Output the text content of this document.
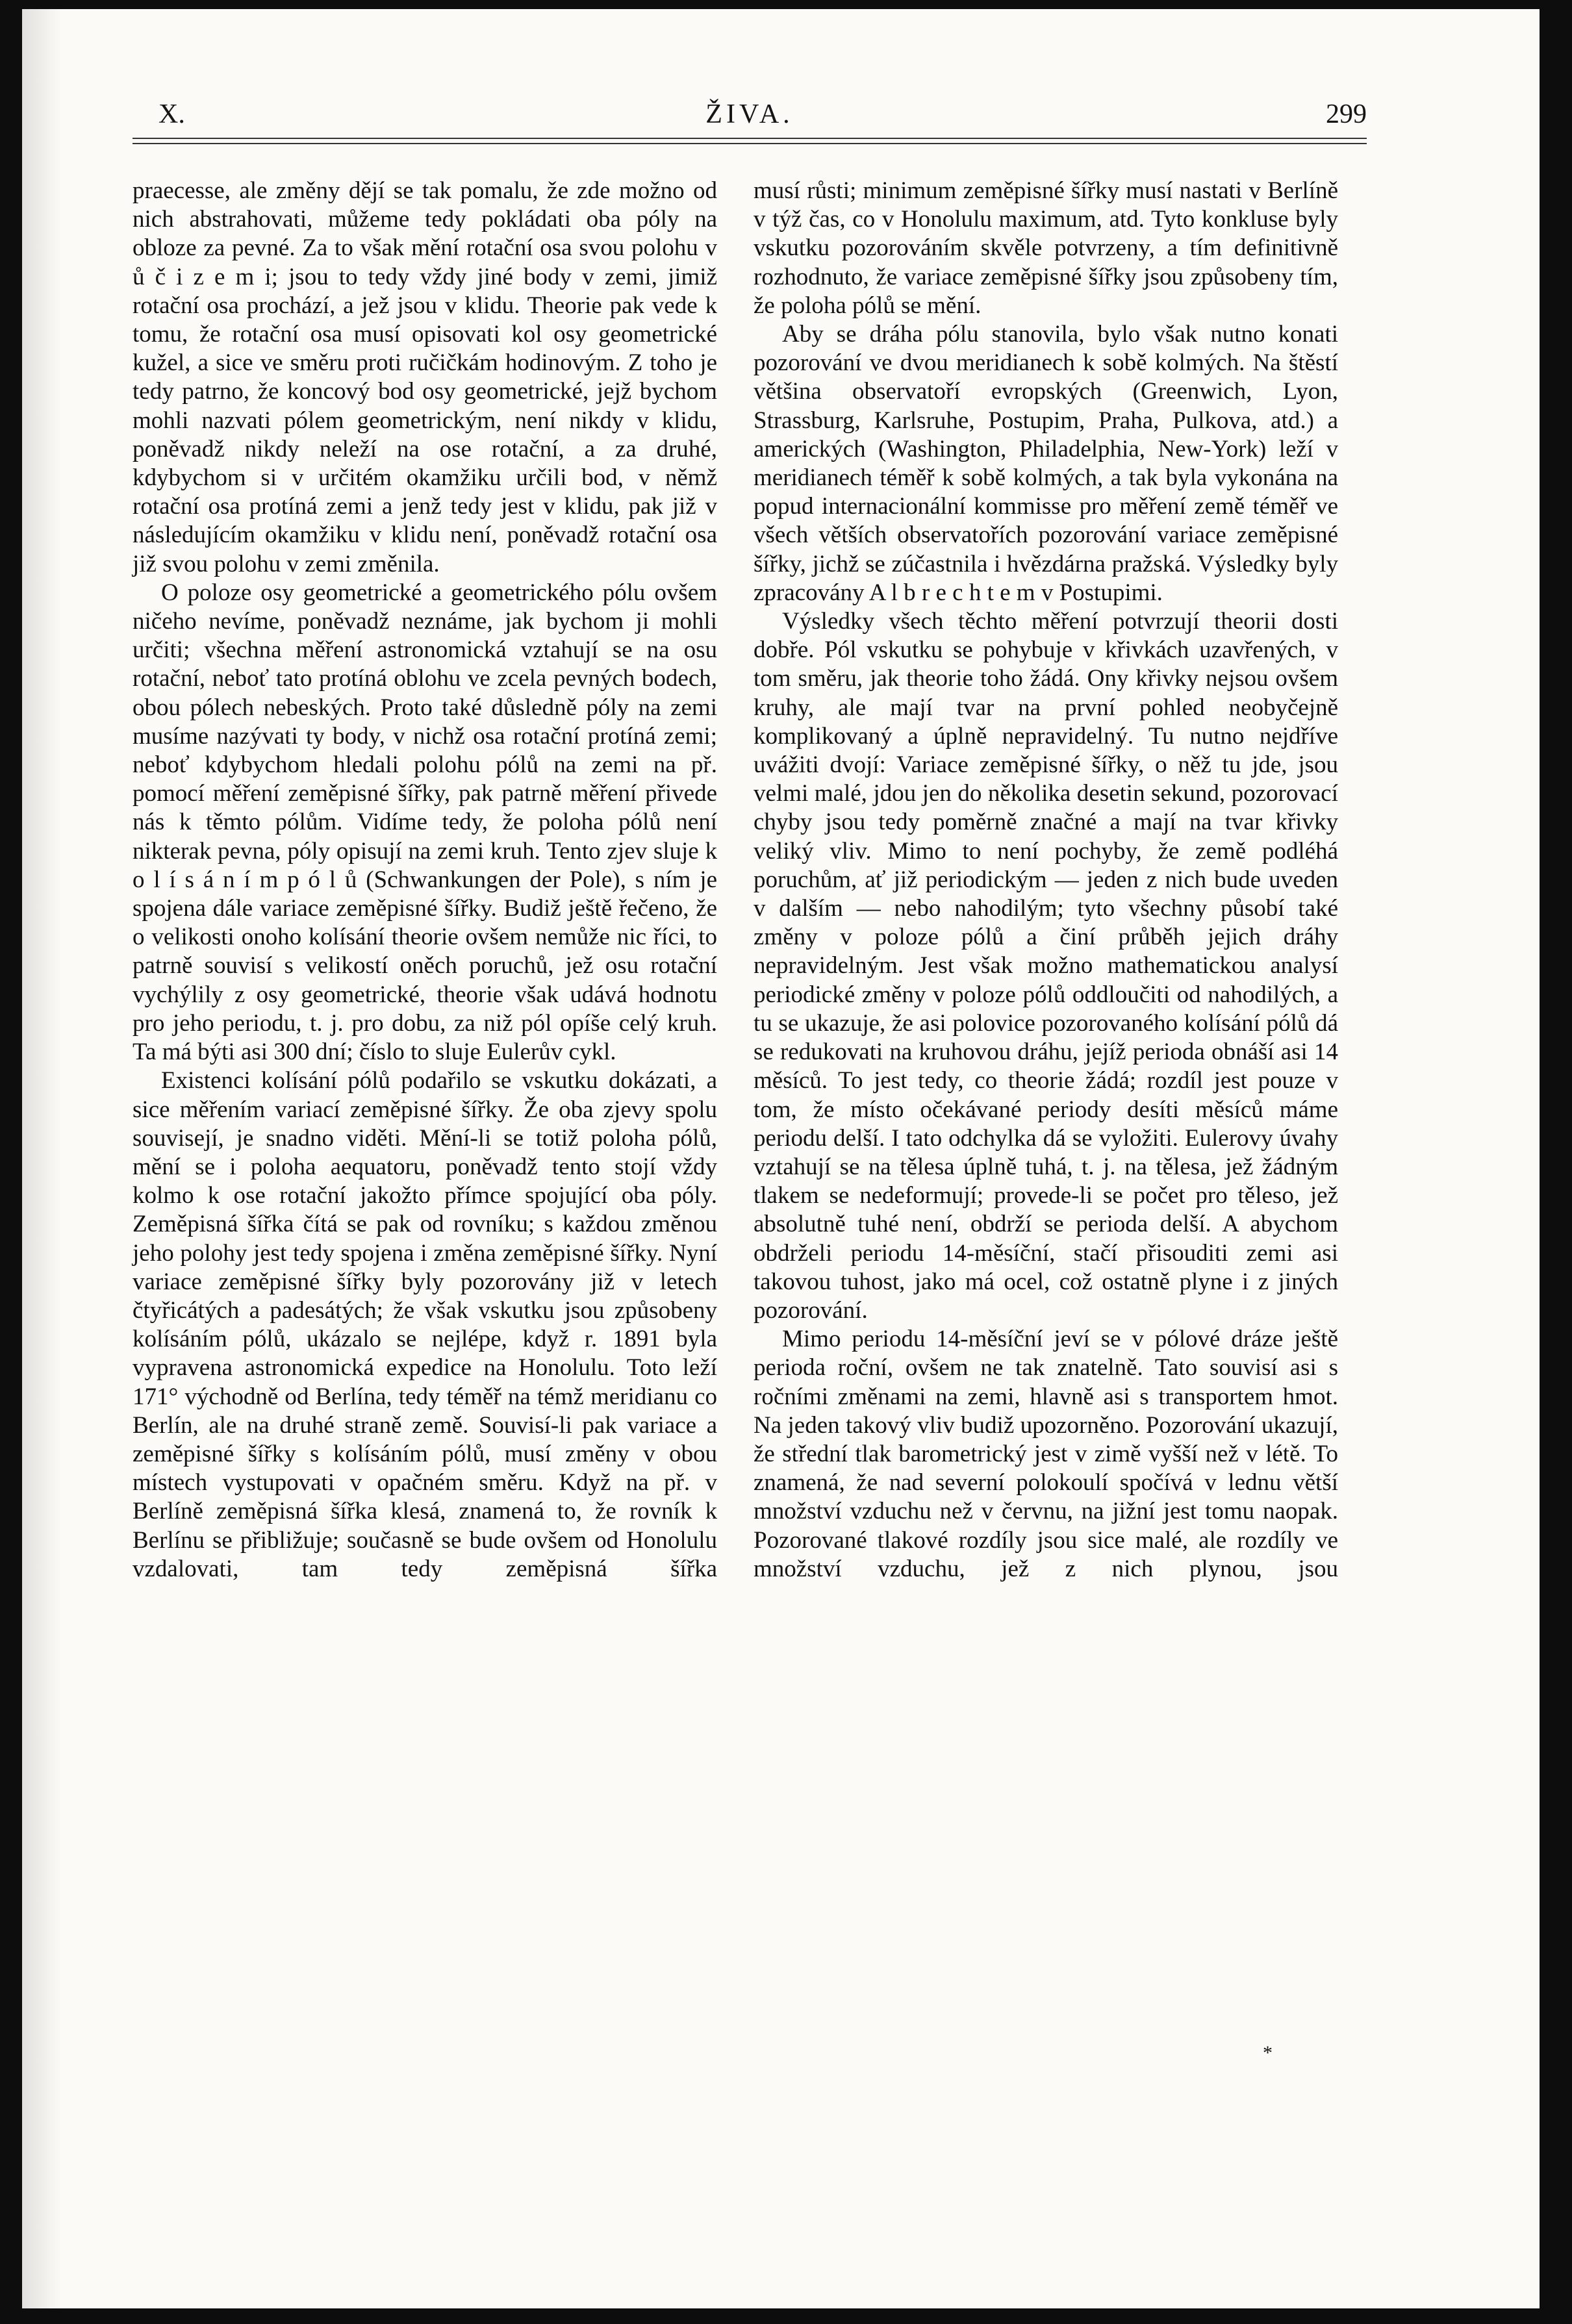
X.	ŽIVA.	299

praecesse, ale změny dějí se tak pomalu, že zde možno od nich abstrahovati, můžeme tedy pokládati oba póly na obloze za pevné. Za to však mění rotační osa svou polohu v ů č i z e m i; jsou to tedy vždy jiné body v zemi, jimiž rotační osa prochází, a jež jsou v klidu. Theorie pak vede k tomu, že rotační osa musí opisovati kol osy geometrické kužel, a sice ve směru proti ručičkám hodinovým. Z toho je tedy patrno, že koncový bod osy geometrické, jejž bychom mohli nazvati pólem geometrickým, není nikdy v klidu, poněvadž nikdy neleží na ose rotační, a za druhé, kdybychom si v určitém okamžiku určili bod, v němž rotační osa protíná zemi a jenž tedy jest v klidu, pak již v následujícím okamžiku v klidu není, poněvadž rotační osa již svou polohu v zemi změnila.

O poloze osy geometrické a geometrického pólu ovšem ničeho nevíme, poněvadž neznáme, jak bychom ji mohli určiti; všechna měření astronomická vztahují se na osu rotační, neboť tato protíná oblohu ve zcela pevných bodech, obou pólech nebeských. Proto také důsledně póly na zemi musíme nazývati ty body, v nichž osa rotační protíná zemi; neboť kdybychom hledali polohu pólů na zemi na př. pomocí měření zeměpisné šířky, pak patrně měření přivede nás k těmto pólům. Vidíme tedy, že poloha pólů není nikterak pevna, póly opisují na zemi kruh. Tento zjev sluje k o l í s á n í m p ó l ů (Schwankungen der Pole), s ním je spojena dále variace zeměpisné šířky. Budiž ještě řečeno, že o velikosti onoho kolísání theorie ovšem nemůže nic říci, to patrně souvisí s velikostí oněch poruchů, jež osu rotační vychýlily z osy geometrické, theorie však udává hodnotu pro jeho periodu, t. j. pro dobu, za niž pól opíše celý kruh. Ta má býti asi 300 dní; číslo to sluje Eulerův cykl.

Existenci kolísání pólů podařilo se vskutku dokázati, a sice měřením variací zeměpisné šířky. Že oba zjevy spolu souvisejí, je snadno viděti. Mění-li se totiž poloha pólů, mění se i poloha aequatoru, poněvadž tento stojí vždy kolmo k ose rotační jakožto přímce spojující oba póly. Zeměpisná šířka čítá se pak od rovníku; s každou změnou jeho polohy jest tedy spojena i změna zeměpisné šířky. Nyní variace zeměpisné šířky byly pozorovány již v letech čtyřicátých a padesátých; že však vskutku jsou způsobeny kolísáním pólů, ukázalo se nejlépe, když r. 1891 byla vypravena astronomická expedice na Honolulu. Toto leží 171° východně od Berlína, tedy téměř na témž meridianu co Berlín, ale na druhé straně země. Souvisí-li pak variace a zeměpisné šířky s kolísáním pólů, musí změny v obou místech vystupovati v opačném směru. Když na př. v Berlíně zeměpisná šířka klesá, znamená to, že rovník k Berlínu se přibližuje; současně se bude ovšem od Honolulu vzdalovati, tam tedy zeměpisná šířka

musí růsti; minimum zeměpisné šířky musí nastati v Berlíně v týž čas, co v Honolulu maximum, atd. Tyto konkluse byly vskutku pozorováním skvěle potvrzeny, a tím definitivně rozhodnuto, že variace zeměpisné šířky jsou způsobeny tím, že poloha pólů se mění.

Aby se dráha pólu stanovila, bylo však nutno konati pozorování ve dvou meridianech k sobě kolmých. Na štěstí většina observatoří evropských (Greenwich, Lyon, Strassburg, Karlsruhe, Postupim, Praha, Pulkova, atd.) a amerických (Washington, Philadelphia, New-York) leží v meridianech téměř k sobě kolmých, a tak byla vykonána na popud internacionální kommisse pro měření země téměř ve všech větších observatořích pozorování variace zeměpisné šířky, jichž se zúčastnila i hvězdárna pražská. Výsledky byly zpracovány A l b r e c h t e m v Postupimi.

Výsledky všech těchto měření potvrzují theorii dosti dobře. Pól vskutku se pohybuje v křivkách uzavřených, v tom směru, jak theorie toho žádá. Ony křivky nejsou ovšem kruhy, ale mají tvar na první pohled neobyčejně komplikovaný a úplně nepravidelný. Tu nutno nejdříve uvážiti dvojí: Variace zeměpisné šířky, o něž tu jde, jsou velmi malé, jdou jen do několika desetin sekund, pozorovací chyby jsou tedy poměrně značné a mají na tvar křivky veliký vliv. Mimo to není pochyby, že země podléhá poruchům, ať již periodickým — jeden z nich bude uveden v dalším — nebo nahodilým; tyto všechny působí také změny v poloze pólů a činí průběh jejich dráhy nepravidelným. Jest však možno mathematickou analysí periodické změny v poloze pólů oddloučiti od nahodilých, a tu se ukazuje, že asi polovice pozorovaného kolísání pólů dá se redukovati na kruhovou dráhu, jejíž perioda obnáší asi 14 měsíců. To jest tedy, co theorie žádá; rozdíl jest pouze v tom, že místo očekávané periody desíti měsíců máme periodu delší. I tato odchylka dá se vyložiti. Eulerovy úvahy vztahují se na tělesa úplně tuhá, t. j. na tělesa, jež žádným tlakem se nedeformují; provede-li se počet pro těleso, jež absolutně tuhé není, obdrží se perioda delší. A abychom obdrželi periodu 14-měsíční, stačí přisouditi zemi asi takovou tuhost, jako má ocel, což ostatně plyne i z jiných pozorování.

Mimo periodu 14-měsíční jeví se v pólové dráze ještě perioda roční, ovšem ne tak znatelně. Tato souvisí asi s ročními změnami na zemi, hlavně asi s transportem hmot. Na jeden takový vliv budiž upozorněno. Pozorování ukazují, že střední tlak barometrický jest v zimě vyšší než v létě. To znamená, že nad severní polokoulí spočívá v lednu větší množství vzduchu než v červnu, na jižní jest tomu naopak. Pozorované tlakové rozdíly jsou sice malé, ale rozdíly ve množství vzduchu, jež z nich plynou, jsou

*
